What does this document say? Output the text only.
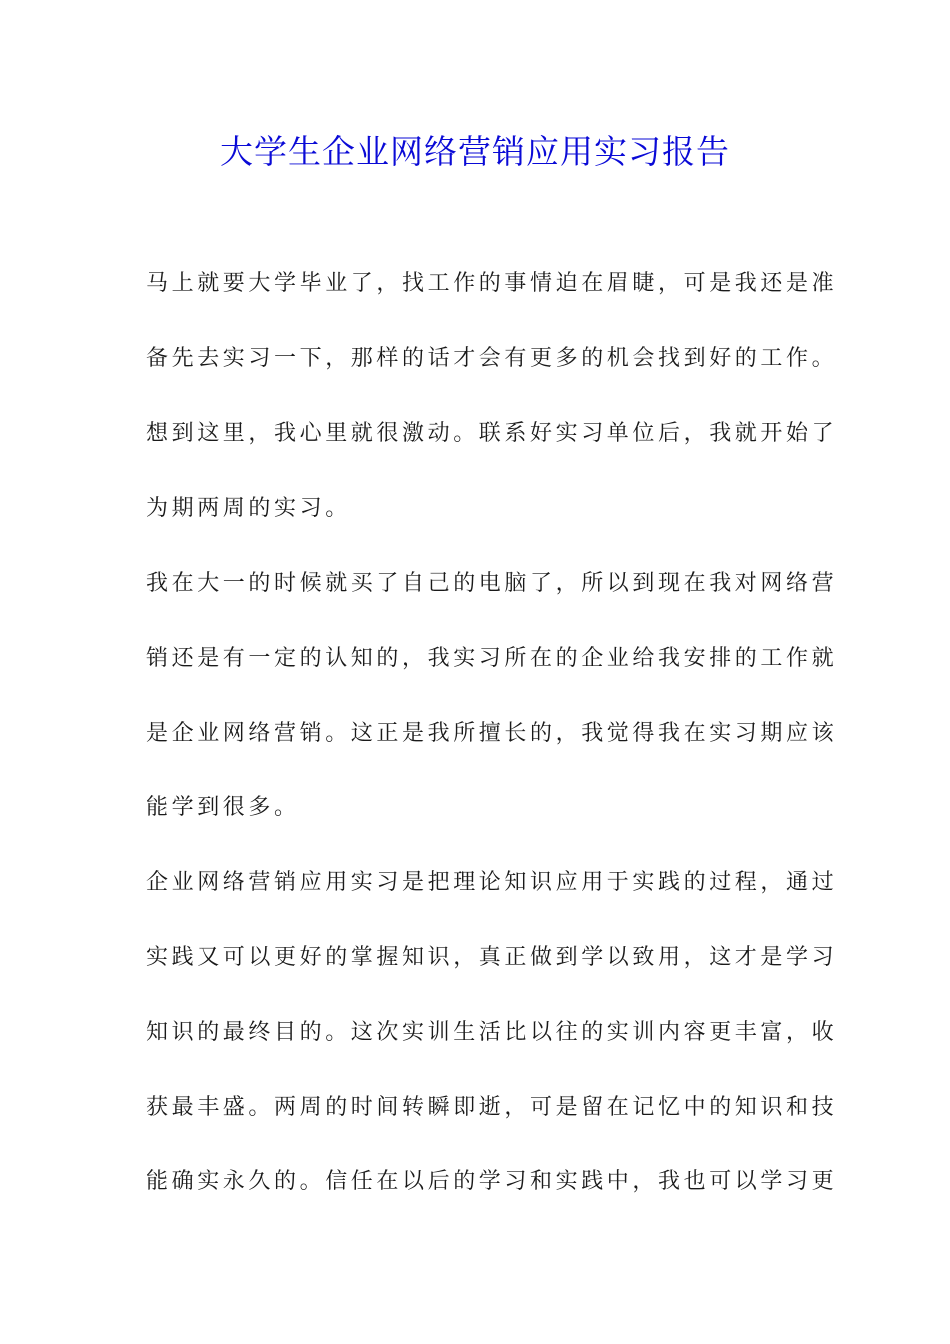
大学生企业网络营销应用实习报告
马上就要大学毕业了，找工作的事情迫在眉睫，可是我还是准
备先去实习一下，那样的话才会有更多的机会找到好的工作。
想到这里，我心里就很激动。联系好实习单位后，我就开始了
为期两周的实习。
我在大一的时候就买了自己的电脑了，所以到现在我对网络营
销还是有一定的认知的，我实习所在的企业给我安排的工作就
是企业网络营销。这正是我所擅长的，我觉得我在实习期应该
能学到很多。
企业网络营销应用实习是把理论知识应用于实践的过程，通过
实践又可以更好的掌握知识，真正做到学以致用，这才是学习
知识的最终目的。这次实训生活比以往的实训内容更丰富，收
获最丰盛。两周的时间转瞬即逝，可是留在记忆中的知识和技
能确实永久的。信任在以后的学习和实践中，我也可以学习更
